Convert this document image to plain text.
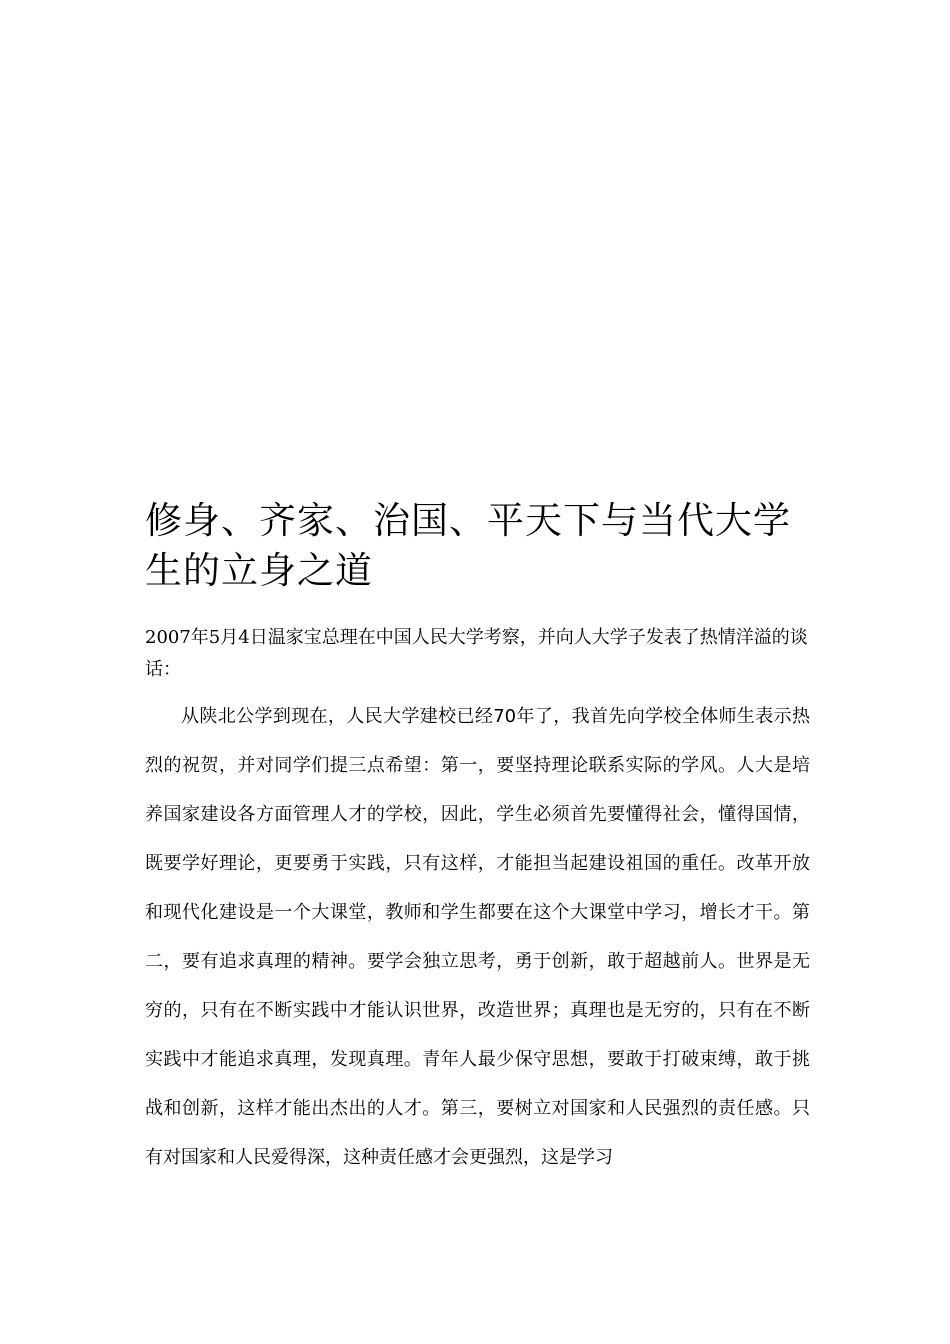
修身、齐家、治国、平天下与当代大学生的立身之道

2007年5月4日温家宝总理在中国人民大学考察，并向人大学子发表了热情洋溢的谈话：

从陕北公学到现在，人民大学建校已经70年了，我首先向学校全体师生表示热烈的祝贺，并对同学们提三点希望：第一，要坚持理论联系实际的学风。人大是培养国家建设各方面管理人才的学校，因此，学生必须首先要懂得社会，懂得国情，既要学好理论，更要勇于实践，只有这样，才能担当起建设祖国的重任。改革开放和现代化建设是一个大课堂，教师和学生都要在这个大课堂中学习，增长才干。第二，要有追求真理的精神。要学会独立思考，勇于创新，敢于超越前人。世界是无穷的，只有在不断实践中才能认识世界，改造世界；真理也是无穷的，只有在不断实践中才能追求真理，发现真理。青年人最少保守思想，要敢于打破束缚，敢于挑战和创新，这样才能出杰出的人才。第三，要树立对国家和人民强烈的责任感。只有对国家和人民爱得深，这种责任感才会更强烈，这是学习
